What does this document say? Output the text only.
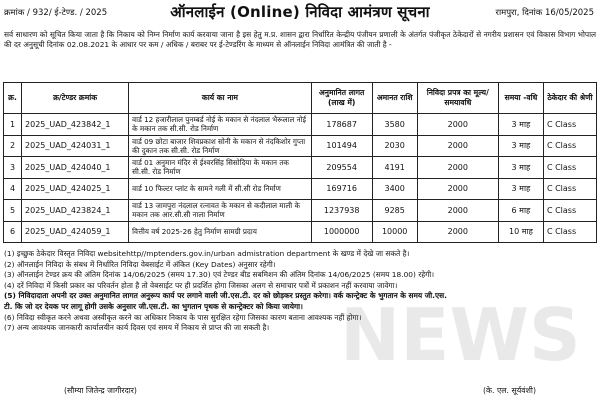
क्रमांक / 932/ ई-टेण्ड. / 2025	ऑनलाईन (Online) निविदा आमंत्रण सूचना	रामपुरा, दिनांक 16/05/2025
सर्व साधारण को सूचित किया जाता है कि निकाय को निम्न निर्माण कार्य करवाया जाना है इस हेतु म.प्र. शासन द्वारा निर्धारित केन्द्रीय पंजीयन प्रणाली के अंतर्गत पंजीकृत ठेकेदारों से नगरीय प्रशासन एवं विकास विभाग भोपाल की दर अनुसूची दिनांक 02.08.2021 के आधार पर कम / अधिक / बराबर पर ई-टेण्डरिंग के माध्यम से ऑनलाईन निविदा आमंत्रित की जाती है -
क्र.	क्र/टेण्डर क्रमांक	कार्य का नाम	अनुमानित लागत (लाख में)	अमानत राशि	निविदा प्रपत्र का मूल्य/ समयावधि	समया -वधि	ठेकेदार की श्रेणी
1	2025_UAD_423842_1	वार्ड 12 हजारीलाल पुनम्बर्ड नोई के मकान से नंदलाल भैरूलाल नोई के मकान तक सी.सी. रोड निर्माण	178687	3580	2000	3 माह	C Class
2	2025_UAD_424031_1	वार्ड 09 छोटा बाजार शिवप्रकाश सोनी के मकान से नंदकिशोर गुप्ता की दुकान तक सी.सी. रोड निर्माण	101494	2030	2000	3 माह	C Class
3	2025_UAD_424040_1	वार्ड 01 अनुमान मंदिर से ईश्वरसिंह सिसोदिया के मकान तक सी.सी. रोड निर्माण	209554	4191	2000	3 माह	C Class
4	2025_UAD_424025_1	वार्ड 10 फिल्टर प्लांट के सामने गली में सी.सी रोड निर्माण	169716	3400	2000	3 माह	C Class
5	2025_UAD_423824_1	वार्ड 13 जामपुरा नंदलाल रत्नावत के मकान से कदीलाल माली के मकान तक आर.सी.सी नाला निर्माण	1237938	9285	2000	6 माह	C Class
6	2025_UAD_424059_1	वित्तीय वर्ष 2025-26 हेतु निर्माण सामग्री प्रदाय	1000000	10000	2000	10 माह	C Class
(1) इच्छुक ठेकेदार विस्तृत निविदा websitehttp//mptenders.gov.in/urban admistration department के खण्ड में देखे जा सकते है।
(2) ऑनलाईन निविदा के संबध में निर्धारित निविदा वेबसाईट में अंकित (Key Dates) अनुसार रहेगी।
(3) ऑनलाईन टेण्डर क्रय की अंतिम दिनांक 14/06/2025 (समय 17.30) एवं टेण्डर बीड सबमिशन की अंतिम दिनांक 14/06/2025 (समय 18.00) रहेगी।
(4) दरें निविदा में किसी प्रकार का परिवर्तन होता है तो वेबसाईट पर ही प्रदर्शित होगा जिसका अलग से समाचार पत्रों में प्रकाशन नहीं करवाया जावेगा।
(5) निविदादाता अपनी दर उक्त अनुमानित लागत अनुरूप कार्य पर लगाने वाली जी.एस.टी. दर को छोड़कर प्रस्तुत करेगा। वर्क कान्ट्रेक्ट के भुगतान के समय जी.एस.
टी. कि जो दर देयक पर लागू होगी उसके अनुसार जी.एस.टी. का भुगतान पृथक से कान्ट्रेक्टर को किया जायेगा।
(6) निविदा स्वीकृत करने अथवा अस्वीकृत करने का अधिकार निकाय के पास सुरक्षित रहेगा जिसका कारण बताना आवश्यक नहीं होगा।
(7) अन्य आवश्यक जानकारी कार्यालयीन कार्य दिवस एवं समय में निकाय से प्राप्त की जा सकती है।
(सौम्या जितेन्द्र जागीरदार)	(के. एल. सूर्यवंशी)
NEWS
